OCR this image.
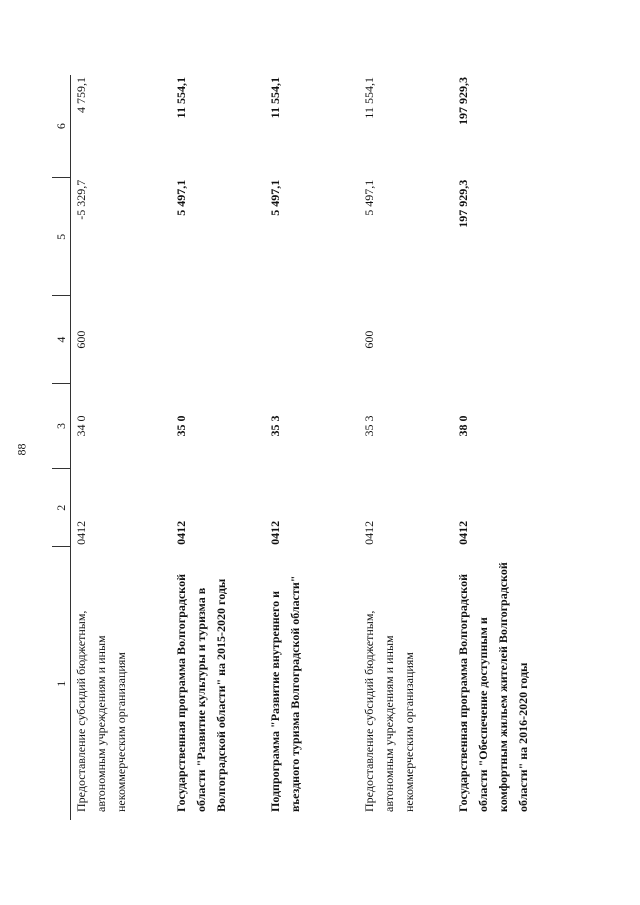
88
1	2	3	4	5	6
Предоставление субсидий бюджетным, автономным учреждениям и иным некоммерческим организациям	0412	34 0	600	-5 329,7	4 759,1
Государственная программа Волгоградской области "Развитие культуры и туризма в Волгоградской области" на 2015-2020 годы	0412	35 0		5 497,1	11 554,1
Подпрограмма "Развитие внутреннего и въездного туризма Волгоградской области"	0412	35 3		5 497,1	11 554,1
Предоставление субсидий бюджетным, автономным учреждениям и иным некоммерческим организациям	0412	35 3	600	5 497,1	11 554,1
Государственная программа Волгоградской области "Обеспечение доступным и комфортным жильем жителей Волгоградской области" на 2016-2020 годы	0412	38 0		197 929,3	197 929,3
